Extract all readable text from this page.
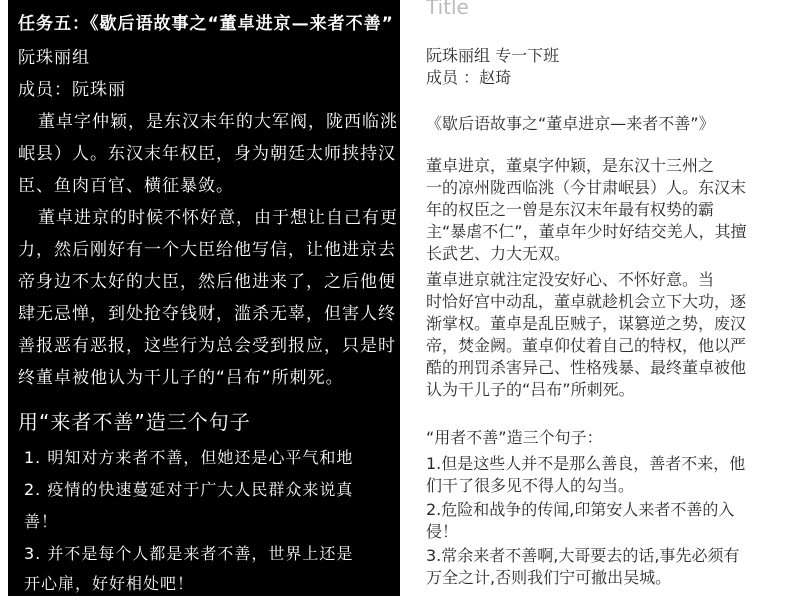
任务五：《歇后语故事之“董卓进京—来者不善”
阮珠丽组
成员：阮珠丽
董卓字仲颖，是东汉末年的大军阀，陇西临洮
岷县）人。东汉末年权臣，身为朝廷太师挟持汉
臣、鱼肉百官、横征暴敛。
董卓进京的时候不怀好意，由于想让自己有更
力，然后刚好有一个大臣给他写信，让他进京去
帝身边不太好的大臣，然后他进来了，之后他便
肆无忌惮，到处抢夺钱财，滥杀无辜，但害人终
善报恶有恶报，这些行为总会受到报应，只是时
终董卓被他认为干儿子的“吕布”所刺死。
用“来者不善”造三个句子
1. 明知对方来者不善，但她还是心平气和地
2. 疫情的快速蔓延对于广大人民群众来说真
善！
3. 并不是每个人都是来者不善，世界上还是
开心扉，好好相处吧！
Title
阮珠丽组 专一下班
成员 ：赵琦
《歇后语故事之“董卓进京—来者不善”》
董卓进京，董桌字仲颖，是东汉十三州之
一的凉州陇西临洮（今甘肃岷县）人。东汉末
年的权臣之一曾是东汉末年最有权势的霸
主“暴虐不仁”，董卓年少时好结交羌人，其擅
长武艺、力大无双。
董卓进京就注定没安好心、不怀好意。当
时恰好宫中动乱，董卓就趁机会立下大功，逐
渐掌权。董卓是乱臣贼子，谋篡逆之势，废汉
帝，焚金阙。董卓仰仗着自己的特权，他以严
酷的刑罚杀害异己、性格残暴、最终董卓被他
认为干儿子的“吕布”所刺死。
“用者不善”造三个句子：
1.但是这些人并不是那么善良，善者不来，他
们干了很多见不得人的勾当。
2.危险和战争的传闻,印第安人来者不善的入
侵！
3.常余来者不善啊,大哥要去的话,事先必须有
万全之计,否则我们宁可撤出吴城。
